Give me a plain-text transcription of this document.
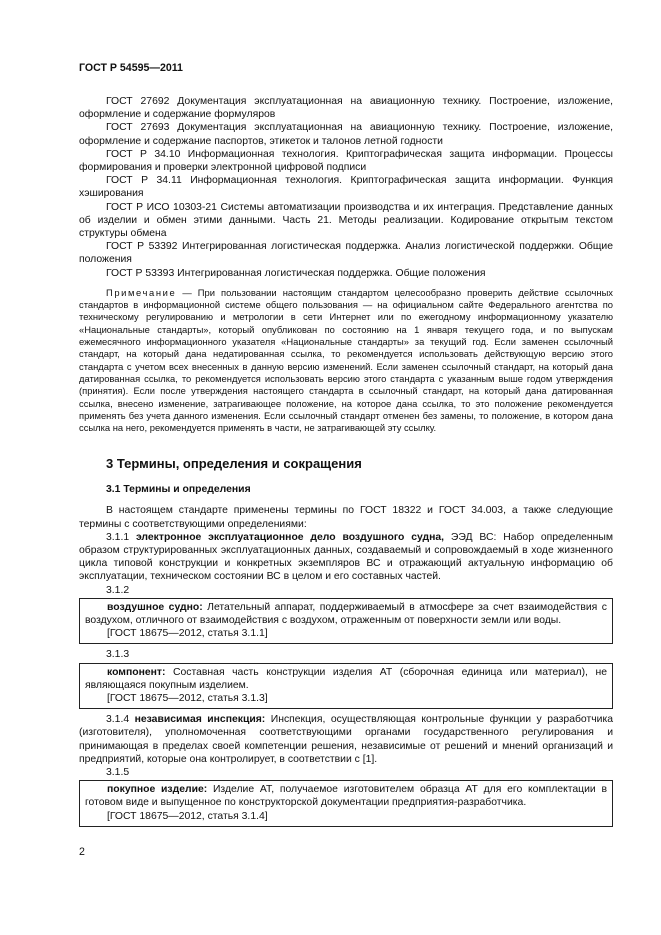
ГОСТ Р 54595—2011

ГОСТ 27692 Документация эксплуатационная на авиационную технику. Построение, изложение, оформление и содержание формуляров

ГОСТ 27693 Документация эксплуатационная на авиационную технику. Построение, изложение, оформление и содержание паспортов, этикеток и талонов летной годности

ГОСТ Р 34.10 Информационная технология. Криптографическая защита информации. Процессы формирования и проверки электронной цифровой подписи

ГОСТ Р 34.11 Информационная технология. Криптографическая защита информации. Функция хэширования

ГОСТ Р ИСО 10303-21 Системы автоматизации производства и их интеграция. Представление данных об изделии и обмен этими данными. Часть 21. Методы реализации. Кодирование открытым текстом структуры обмена

ГОСТ Р 53392 Интегрированная логистическая поддержка. Анализ логистической поддержки. Общие положения

ГОСТ Р 53393 Интегрированная логистическая поддержка. Общие положения

Примечание — При пользовании настоящим стандартом целесообразно проверить действие ссылочных стандартов в информационной системе общего пользования — на официальном сайте Федерального агентства по техническому регулированию и метрологии в сети Интернет или по ежегодному информационному указателю «Национальные стандарты», который опубликован по состоянию на 1 января текущего года, и по выпускам ежемесячного информационного указателя «Национальные стандарты» за текущий год. Если заменен ссылочный стандарт, на который дана недатированная ссылка, то рекомендуется использовать действующую версию этого стандарта с учетом всех внесенных в данную версию изменений. Если заменен ссылочный стандарт, на который дана датированная ссылка, то рекомендуется использовать версию этого стандарта с указанным выше годом утверждения (принятия). Если после утверждения настоящего стандарта в ссылочный стандарт, на который дана датированная ссылка, внесено изменение, затрагивающее положение, на которое дана ссылка, то это положение рекомендуется применять без учета данного изменения. Если ссылочный стандарт отменен без замены, то положение, в котором дана ссылка на него, рекомендуется применять в части, не затрагивающей эту ссылку.

3 Термины, определения и сокращения
3.1 Термины и определения

В настоящем стандарте применены термины по ГОСТ 18322 и ГОСТ 34.003, а также следующие термины с соответствующими определениями:

3.1.1 электронное эксплуатационное дело воздушного судна, ЭЭД ВС: Набор определенным образом структурированных эксплуатационных данных, создаваемый и сопровождаемый в ходе жизненного цикла типовой конструкции и конкретных экземпляров ВС и отражающий актуальную информацию об эксплуатации, техническом состоянии ВС в целом и его составных частей.

3.1.2

воздушное судно: Летательный аппарат, поддерживаемый в атмосфере за счет взаимодействия с воздухом, отличного от взаимодействия с воздухом, отраженным от поверхности земли или воды.

[ГОСТ 18675—2012, статья 3.1.1]
3.1.3

компонент: Составная часть конструкции изделия АТ (сборочная единица или материал), не являющаяся покупным изделием.

[ГОСТ 18675—2012, статья 3.1.3]

3.1.4 независимая инспекция: Инспекция, осуществляющая контрольные функции у разработчика (изготовителя), уполномоченная соответствующими органами государственного регулирования и принимающая в пределах своей компетенции решения, независимые от решений и мнений организаций и предприятий, которые она контролирует, в соответствии с [1].

3.1.5

покупное изделие: Изделие АТ, получаемое изготовителем образца АТ для его комплектации в готовом виде и выпущенное по конструкторской документации предприятия-разработчика.

[ГОСТ 18675—2012, статья 3.1.4]
2
